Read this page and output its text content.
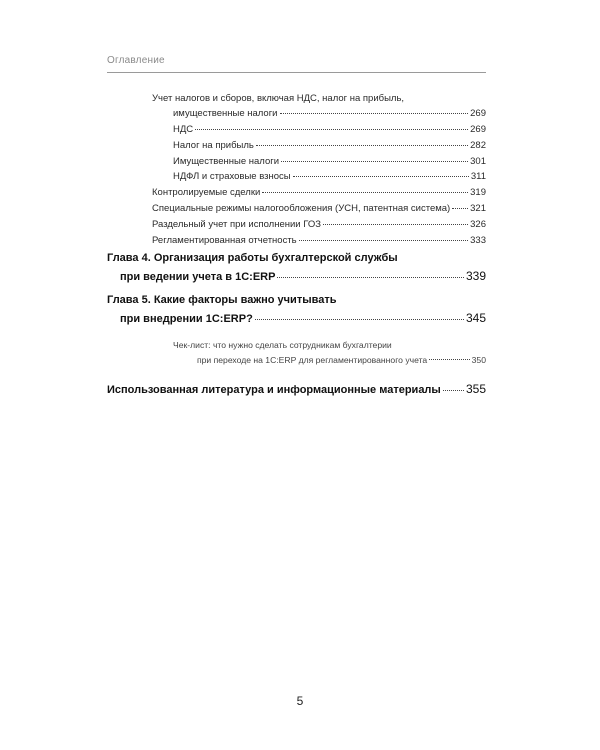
Оглавление
Учет налогов и сборов, включая НДС, налог на прибыль,
имущественные налоги	269
НДС	269
Налог на прибыль	282
Имущественные налоги	301
НДФЛ и страховые взносы	311
Контролируемые сделки	319
Специальные режимы налогообложения (УСН, патентная система) 321
Раздельный учет при исполнении ГОЗ	326
Регламентированная отчетность	333
Глава 4. Организация работы бухгалтерской службы
при ведении учета в 1С:ERP	339
Глава 5. Какие факторы важно учитывать
при внедрении 1С:ERP?	345
Чек-лист: что нужно сделать сотрудникам бухгалтерии
при переходе на 1С:ERP для регламентированного учета	350
Использованная литература и информационные материалы 355
5
